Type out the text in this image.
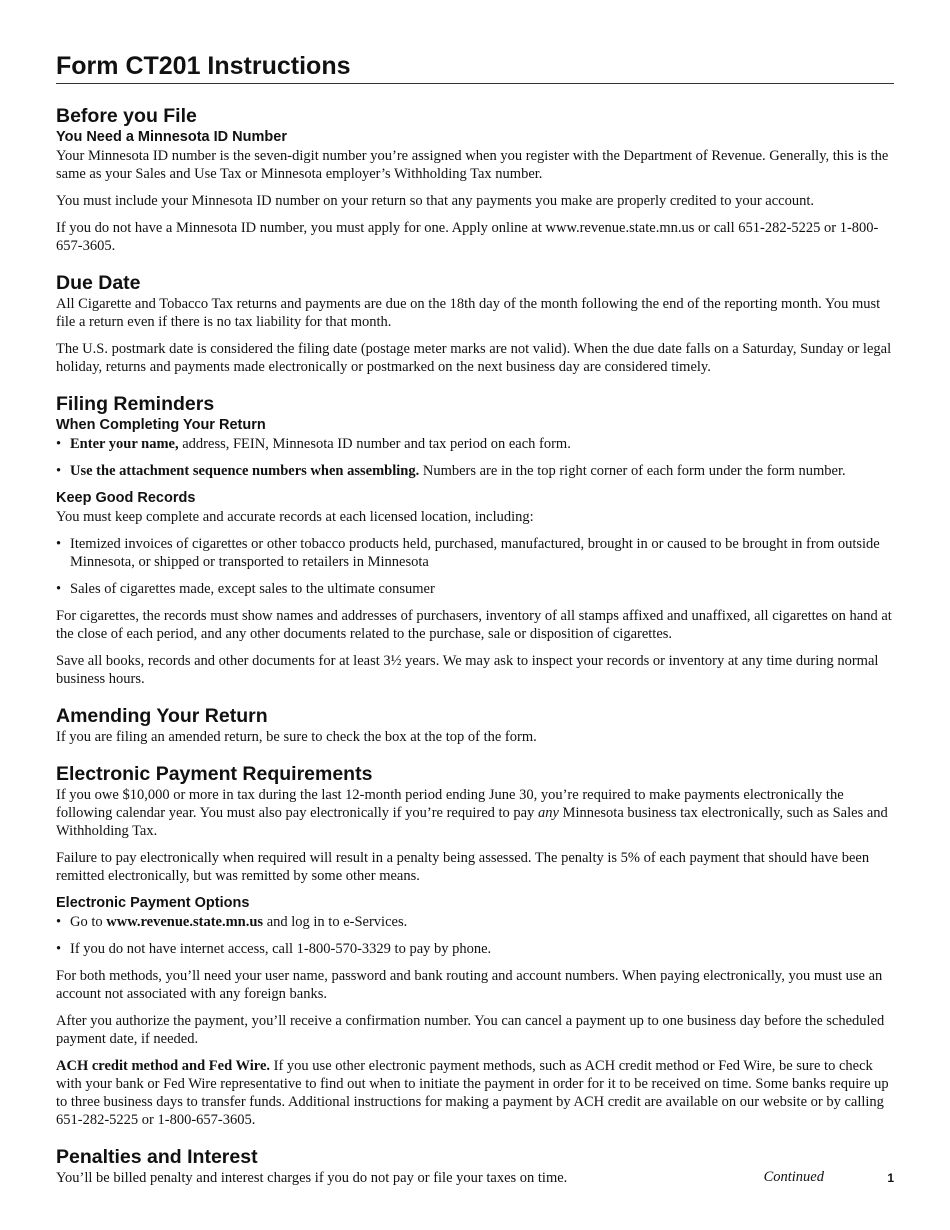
Form CT201 Instructions
Before you File
You Need a Minnesota ID Number

Your Minnesota ID number is the seven-digit number you’re assigned when you register with the Department of Revenue. Generally, this is the same as your Sales and Use Tax or Minnesota employer’s Withholding Tax number.

You must include your Minnesota ID number on your return so that any payments you make are properly credited to your account.

If you do not have a Minnesota ID number, you must apply for one. Apply online at www.revenue.state.mn.us or call 651-282-5225 or 1-800-657-3605.

Due Date

All Cigarette and Tobacco Tax returns and payments are due on the 18th day of the month following the end of the reporting month. You must file a return even if there is no tax liability for that month.

The U.S. postmark date is considered the filing date (postage meter marks are not valid). When the due date falls on a Saturday, Sunday or legal holiday, returns and payments made electronically or postmarked on the next business day are considered timely.

Filing Reminders
When Completing Your Return
• Enter your name, address, FEIN, Minnesota ID number and tax period on each form.

• Use the attachment sequence numbers when assembling. Numbers are in the top right corner of each form under the form number.

Keep Good Records

You must keep complete and accurate records at each licensed location, including:

• Itemized invoices of cigarettes or other tobacco products held, purchased, manufactured, brought in or caused to be brought in from outside Minnesota, or shipped or transported to retailers in Minnesota

• Sales of cigarettes made, except sales to the ultimate consumer

For cigarettes, the records must show names and addresses of purchasers, inventory of all stamps affixed and unaffixed, all cigarettes on hand at the close of each period, and any other documents related to the purchase, sale or disposition of cigarettes.

Save all books, records and other documents for at least 3½ years. We may ask to inspect your records or inventory at any time during normal business hours.

Amending Your Return

If you are filing an amended return, be sure to check the box at the top of the form.

Electronic Payment Requirements

If you owe $10,000 or more in tax during the last 12-month period ending June 30, you’re required to make payments electronically the following calendar year. You must also pay electronically if you’re required to pay any Minnesota business tax electronically, such as Sales and Withholding Tax.

Failure to pay electronically when required will result in a penalty being assessed. The penalty is 5% of each payment that should have been remitted electronically, but was remitted by some other means.

Electronic Payment Options
• Go to www.revenue.state.mn.us and log in to e-Services.

• If you do not have internet access, call 1-800-570-3329 to pay by phone.

For both methods, you’ll need your user name, password and bank routing and account numbers. When paying electronically, you must use an account not associated with any foreign banks.

After you authorize the payment, you’ll receive a confirmation number. You can cancel a payment up to one business day before the scheduled payment date, if needed.

ACH credit method and Fed Wire. If you use other electronic payment methods, such as ACH credit method or Fed Wire, be sure to check with your bank or Fed Wire representative to find out when to initiate the payment in order for it to be received on time. Some banks require up to three business days to transfer funds. Additional instructions for making a payment by ACH credit are available on our website or by calling 651-282-5225 or 1-800-657-3605.

Penalties and Interest

You’ll be billed penalty and interest charges if you do not pay or file your taxes on time.	Continued	1
